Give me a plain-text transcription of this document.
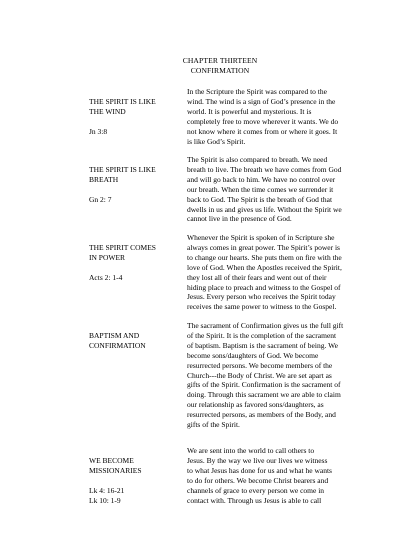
CHAPTER THIRTEEN
CONFIRMATION

THE SPIRIT IS LIKE
THE WIND

Jn 3:8

In the Scripture the Spirit was compared to the
wind. The wind is a sign of God’s presence in the
world. It is powerful and mysterious. It is
completely free to move wherever it wants. We do
not know where it comes from or where it goes. It
is like God’s Spirit.

THE SPIRIT IS LIKE
BREATH

Gn 2: 7

The Spirit is also compared to breath. We need
breath to live. The breath we have comes from God
and will go back to him. We have no control over
our breath. When the time comes we surrender it
back to God. The Spirit is the breath of God that
dwells in us and gives us life. Without the Spirit we
cannot live in the presence of God.

THE SPIRIT COMES
IN POWER

Acts 2: 1-4

Whenever the Spirit is spoken of in Scripture she
always comes in great power. The Spirit’s power is
to change our hearts. She puts them on fire with the
love of God. When the Apostles received the Spirit,
they lost all of their fears and went out of their
hiding place to preach and witness to the Gospel of
Jesus. Every person who receives the Spirit today
receives the same power to witness to the Gospel.

BAPTISM AND
CONFIRMATION

The sacrament of Confirmation gives us the full gift
of the Spirit. It is the completion of the sacrament
of baptism. Baptism is the sacrament of being. We
become sons/daughters of God. We become
resurrected persons. We become members of the
Church---the Body of Christ. We are set apart as
gifts of the Spirit. Confirmation is the sacrament of
doing. Through this sacrament we are able to claim
our relationship as favored sons/daughters, as
resurrected persons, as members of the Body, and
gifts of the Spirit.

WE BECOME
MISSIONARIES

Lk 4: 16-21
Lk 10: 1-9

We are sent into the world to call others to
Jesus. By the way we live our lives we witness
to what Jesus has done for us and what he wants
to do for others. We become Christ bearers and
channels of grace to every person we come in
contact with. Through us Jesus is able to call
